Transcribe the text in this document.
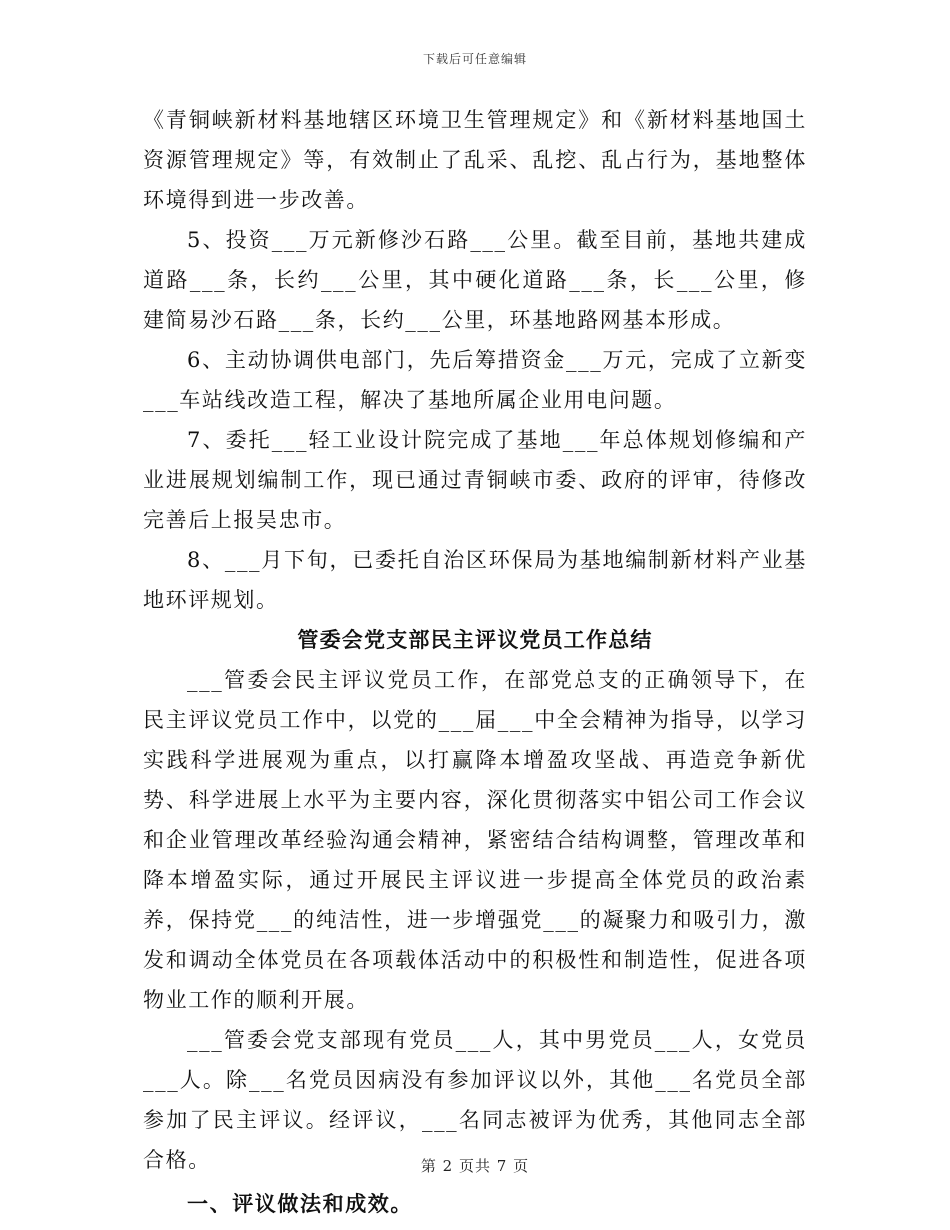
下载后可任意编辑

《青铜峡新材料基地辖区环境卫生管理规定》和《新材料基地国土资源管理规定》等，有效制止了乱采、乱挖、乱占行为，基地整体环境得到进一步改善。

5、投资___万元新修沙石路___公里。截至目前，基地共建成道路___条，长约___公里，其中硬化道路___条，长___公里，修建简易沙石路___条，长约___公里，环基地路网基本形成。

6、主动协调供电部门，先后筹措资金___万元，完成了立新变___车站线改造工程，解决了基地所属企业用电问题。

7、委托___轻工业设计院完成了基地___年总体规划修编和产业进展规划编制工作，现已通过青铜峡市委、政府的评审，待修改完善后上报吴忠市。

8、___月下旬，已委托自治区环保局为基地编制新材料产业基地环评规划。

管委会党支部民主评议党员工作总结

___管委会民主评议党员工作，在部党总支的正确领导下，在民主评议党员工作中，以党的___届___中全会精神为指导，以学习实践科学进展观为重点，以打赢降本增盈攻坚战、再造竞争新优势、科学进展上水平为主要内容，深化贯彻落实中铝公司工作会议和企业管理改革经验沟通会精神，紧密结合结构调整，管理改革和降本增盈实际，通过开展民主评议进一步提高全体党员的政治素养，保持党___的纯洁性，进一步增强党___的凝聚力和吸引力，激发和调动全体党员在各项载体活动中的积极性和制造性，促进各项物业工作的顺利开展。

___管委会党支部现有党员___人，其中男党员___人，女党员___人。除___名党员因病没有参加评议以外，其他___名党员全部参加了民主评议。经评议，___名同志被评为优秀，其他同志全部合格。

一、评议做法和成效。
第 2 页共 7 页
